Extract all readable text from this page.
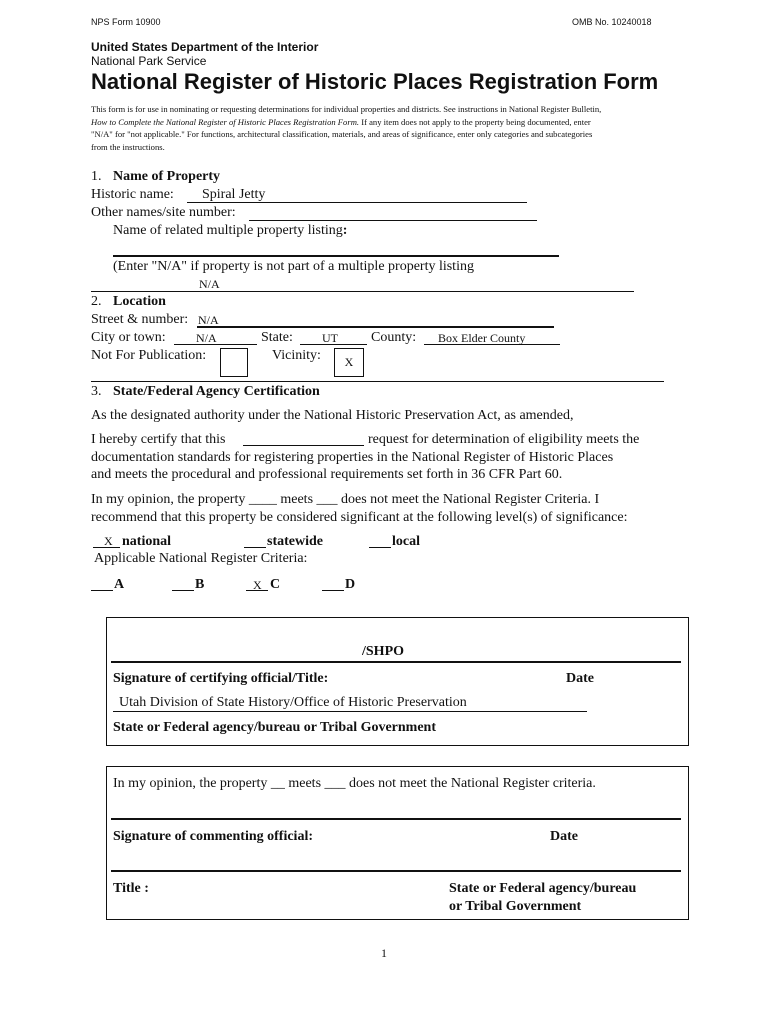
NPS Form 10900	OMB No. 10240018
United States Department of the Interior
National Park Service
National Register of Historic Places Registration Form
This form is for use in nominating or requesting determinations for individual properties and districts. See instructions in National Register Bulletin,
How to Complete the National Register of Historic Places Registration Form. If any item does not apply to the property being documented, enter
"N/A" for "not applicable." For functions, architectural classification, materials, and areas of significance, enter only categories and subcategories
from the instructions.
1. Name of Property
Historic name: Spiral Jetty
Other names/site number:
Name of related multiple property listing:
(Enter "N/A" if property is not part of a multiple property listing
N/A
2. Location
Street & number: N/A
City or town:	N/A	State: UT County: Box Elder County
Not For Publication:	Vicinity:	X
3. State/Federal Agency Certification
As the designated authority under the National Historic Preservation Act, as amended,
I hereby certify that this	request for determination of eligibility meets the
documentation standards for registering properties in the National Register of Historic Places
and meets the procedural and professional requirements set forth in 36 CFR Part 60.
In my opinion, the property ____ meets ___ does not meet the National Register Criteria. I
recommend that this property be considered significant at the following level(s) of significance:
X national	statewide	local
Applicable National Register Criteria:
A	B	X C	D
/SHPO
Signature of certifying official/Title:	Date
Utah Division of State History/Office of Historic Preservation
State or Federal agency/bureau or Tribal Government
In my opinion, the property __ meets ___ does not meet the National Register criteria.
Signature of commenting official:	Date
Title :	State or Federal agency/bureau
or Tribal Government
1
